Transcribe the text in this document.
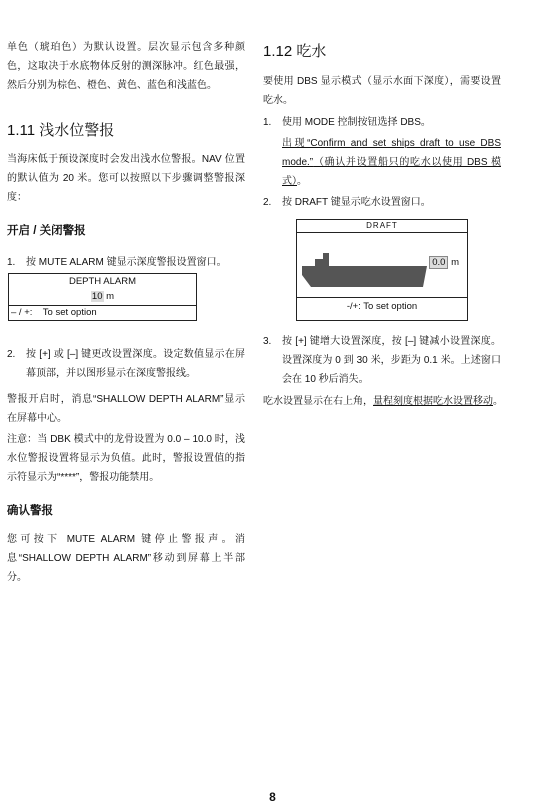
单色（琥珀色）为默认设置。层次显示包含多种颜色，这取决于水底物体反射的测深脉冲。红色最强，然后分别为棕色、橙色、黄色、蓝色和浅蓝色。

1.11 浅水位警报

当海床低于预设深度时会发出浅水位警报。NAV 位置的默认值为 20 米。您可以按照以下步骤调整警报深度：

开启 / 关闭警报
1. 按 MUTE ALARM 键显示深度警报设置窗口。

DEPTH ALARM
10 m
– / +:    To set option
2. 按 [+] 或 [–] 键更改设置深度。设定数值显示在屏幕顶部，并以图形显示在深度警报线。

警报开启时，消息“SHALLOW DEPTH ALARM”显示在屏幕中心。

注意：当 DBK 模式中的龙骨设置为 0.0 – 10.0 时，浅水位警报设置将显示为负值。此时，警报设置值的指示符显示为“****”，警报功能禁用。

确认警报

您可按下 MUTE ALARM 键停止警报声。消息“SHALLOW DEPTH ALARM”移动到屏幕上半部分。

1.12 吃水

要使用 DBS 显示模式（显示水面下深度），需要设置吃水。

1. 使用 MODE 控制按钮选择 DBS。

出现“Confirm and set ships draft to use DBS mode.”（确认并设置船只的吃水以使用 DBS 模式）。

2. 按 DRAFT 键显示吃水设置窗口。

DRAFT
0.0 m
-/+: To set option
3. 按 [+] 键增大设置深度，按 [–] 键减小设置深度。设置深度为 0 到 30 米，步距为 0.1 米。上述窗口会在 10 秒后消失。

吃水设置显示在右上角，量程刻度根据吃水设置移动。

8
